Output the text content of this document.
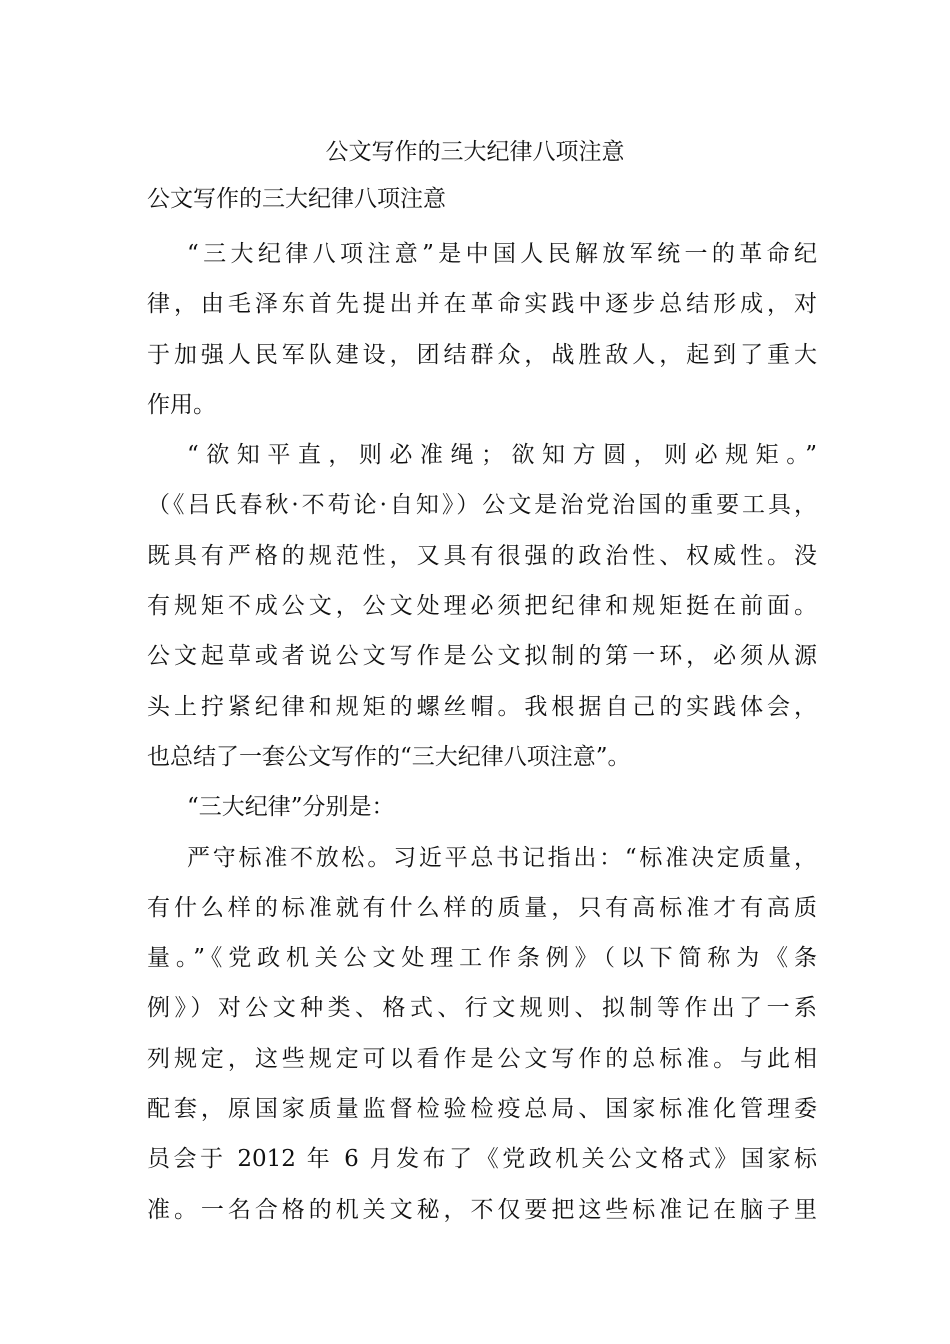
公文写作的三大纪律八项注意
公文写作的三大纪律八项注意
“三大纪律八项注意”是中国人民解放军统一的革命纪
律，由毛泽东首先提出并在革命实践中逐步总结形成，对
于加强人民军队建设，团结群众，战胜敌人，起到了重大
作用。
“欲知平直，则必准绳；欲知方圆，则必规矩。”
（《吕氏春秋·不苟论·自知》）公文是治党治国的重要工具，
既具有严格的规范性，又具有很强的政治性、权威性。没
有规矩不成公文，公文处理必须把纪律和规矩挺在前面。
公文起草或者说公文写作是公文拟制的第一环，必须从源
头上拧紧纪律和规矩的螺丝帽。我根据自己的实践体会，
也总结了一套公文写作的“三大纪律八项注意”。
“三大纪律”分别是：
严守标准不放松。习近平总书记指出：“标准决定质量，
有什么样的标准就有什么样的质量，只有高标准才有高质
量。”《党政机关公文处理工作条例》（以下简称为《条
例》）对公文种类、格式、行文规则、拟制等作出了一系
列规定，这些规定可以看作是公文写作的总标准。与此相
配套，原国家质量监督检验检疫总局、国家标准化管理委
员会于 2012 年 6 月发布了《党政机关公文格式》国家标
准。一名合格的机关文秘，不仅要把这些标准记在脑子里
